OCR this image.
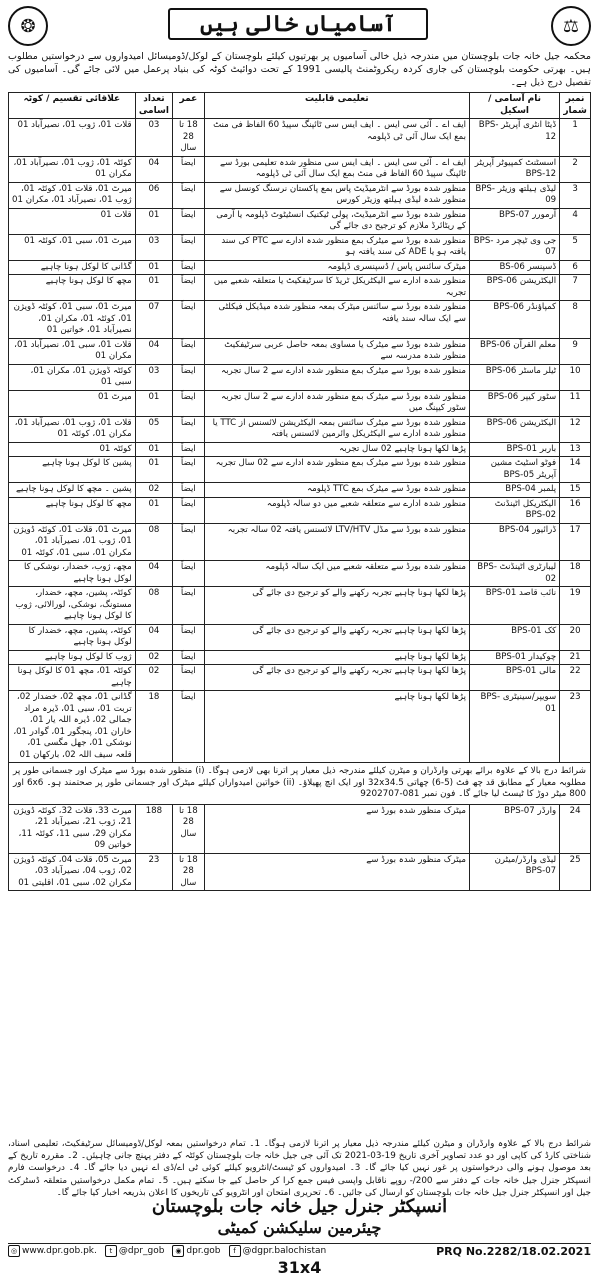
❂	آسامیاں خالی ہیں	⚖
محکمہ جیل خانہ جات بلوچستان میں مندرجہ ذیل خالی آسامیوں پر بھرتیوں کیلئے بلوچستان کے لوکل/ڈومیسائل امیدواروں سے درخواستیں مطلوب ہیں۔ بھرتی حکومت بلوچستان کی جاری کردہ ریکروٹمنٹ پالیسی 1991 کے تحت دوائیٹ کوٹہ کی بنیاد پرعمل میں لائی جائے گی۔ آسامیوں کی تفصیل درج ذیل ہے۔
نمبر شمار	نام آسامی / اسکیل	تعلیمی قابلیت	عمر	تعداد اسامی	علاقائی تقسیم / کوٹہ
1	ڈیٹا انٹری آپریٹر BPS-12	ایف اے ۔ آئی سی ایس ۔ ایف ایس سی ٹائپنگ سپیڈ 60 الفاظ فی منٹ بمع ایک سال آئی ٹی ڈپلومہ	18 تا 28 سال	03	قلات 01، ژوب 01، نصیرآباد 01
2	اسسٹنٹ کمپیوٹر آپریٹر BPS-12	ایف اے ۔ آئی سی ایس ۔ ایف ایس سی منظور شدہ تعلیمی بورڈ سے ٹائپنگ سپیڈ 60 الفاظ فی منٹ بمع ایک سال آئی ٹی ڈپلومہ	ایضاً	04	کوئٹہ 01، ژوب 01، نصیرآباد 01، مکران 01
3	لیڈی ہیلتھ وزیٹر BPS-09	منظور شدہ بورڈ سے انٹرمیڈیٹ پاس بمع پاکستان نرسنگ کونسل سے منظور شدہ لیڈی ہیلتھ وزیٹر کورس	ایضاً	06	میرٹ 01، قلات 01، کوئٹہ 01، ژوب 01، نصیرآباد 01، مکران 01
4	آرمورر BPS-07	منظور شدہ بورڈ سے انٹرمیڈیٹ، پولی ٹیکنیک انسٹیٹوٹ ڈپلومہ یا آرمی کے ریٹائرڈ ملازم کو ترجیح دی جائے گی	ایضاً	01	قلات 01
5	جی وی ٹیچر مرد BPS-07	منظور شدہ بورڈ سے میٹرک بمع منظور شدہ ادارے سے PTC کی سند یافتہ ہو یا ADE کی سند یافتہ ہو	ایضاً	03	میرٹ 01، سبی 01، کوئٹہ 01
6	ڈسپنسر BS-06	میٹرک سائنس پاس / ڈسپنسری ڈپلومہ	ایضاً	01	گڈانی کا لوکل ہونا چاہیے
7	الیکٹریشن BPS-06	منظور شدہ ادارے سے الیکٹریکل ٹریڈ کا سرٹیفکیٹ یا متعلقہ شعبے میں تجربہ	ایضاً	01	مچھ کا لوکل ہونا چاہیے
8	کمپاؤنڈر BPS-06	منظور شدہ بورڈ سے سائنس میٹرک بمعہ منظور شدہ میڈیکل فیکلٹی سے ایک سالہ سند یافتہ	ایضاً	07	میرٹ 01، سبی 01، کوئٹہ ڈویژن 01، کوئٹہ 01، مکران 01، نصیرآباد 01، خواتین 01
9	معلم القرآن BPS-06	منظور شدہ بورڈ سے میٹرک یا مساوی بمعہ حاصل عربی سرٹیفکیٹ منظور شدہ مدرسہ سے	ایضاً	04	قلات 01، سبی 01، نصیرآباد 01، مکران 01
10	ٹیلر ماسٹر BPS-06	منظور شدہ بورڈ سے میٹرک بمع منظور شدہ ادارے سے 2 سال تجربہ	ایضاً	03	کوئٹہ ڈویژن 01، مکران 01، سبی 01
11	سٹور کیپر BPS-06	منظور شدہ بورڈ سے میٹرک بمع منظور شدہ ادارے سے 2 سال تجربہ سٹور کیپنگ میں	ایضاً	01	میرٹ 01
12	الیکٹریشن BPS-06	منظور شدہ بورڈ سے میٹرک سائنس بمعہ الیکٹریشن لائسنس از TTC یا منظور شدہ ادارے سے الیکٹریکل وائرمین لائسنس یافتہ	ایضاً	05	قلات 01، ژوب 01، نصیرآباد 01، مکران 01، کوئٹہ 01
13	باربر BPS-01	پڑھا لکھا ہونا چاہیے 02 سال تجربہ	ایضاً	01	کوئٹہ 01
14	فوٹو اسٹیٹ مشین آپریٹر BPS-05	منظور شدہ بورڈ سے میٹرک بمع منظور شدہ ادارے سے 02 سال تجربہ	ایضاً	01	پشین کا لوکل ہونا چاہیے
15	پلمبر BPS-04	منظور شدہ بورڈ سے میٹرک بمع TTC ڈپلومہ	ایضاً	02	پشین ۔ مچھ کا لوکل ہونا چاہیے
16	الیکٹریکل اٹینڈنٹ BPS-02	منظور شدہ ادارے سے متعلقہ شعبے میں دو سالہ ڈپلومہ	ایضاً	01	مچھ کا لوکل ہونا چاہیے
17	ڈرائیور BPS-04	منظور شدہ بورڈ سے مڈل LTV/HTV لائسنس یافتہ 02 سالہ تجربہ	ایضاً	08	میرٹ 01، قلات 01، کوئٹہ ڈویژن 01، ژوب 01، نصیرآباد 01، مکران 01، سبی 01، کوئٹہ 01
18	لیبارٹری اٹینڈنٹ BPS-02	منظور شدہ بورڈ سے متعلقہ شعبے میں ایک سالہ ڈپلومہ	ایضاً	04	مچھ، ژوب، خضدار، نوشکی کا لوکل ہونا چاہیے
19	نائب قاصد BPS-01	پڑھا لکھا ہونا چاہیے تجربہ رکھنے والے کو ترجیح دی جائے گی	ایضاً	08	کوئٹہ، پشین، مچھ، خضدار، مستونگ، نوشکی، لورالائی، ژوب کا لوکل ہونا چاہیے
20	کک BPS-01	پڑھا لکھا ہونا چاہیے تجربہ رکھنے والے کو ترجیح دی جائے گی	ایضاً	04	کوئٹہ، پشین، مچھ، خضدار کا لوکل ہونا چاہیے
21	چوکیدار BPS-01	پڑھا لکھا ہونا چاہیے	ایضاً	02	ژوب کا لوکل ہونا چاہیے
22	مالی BPS-01	پڑھا لکھا ہونا چاہیے تجربہ رکھنے والے کو ترجیح دی جائے گی	ایضاً	02	کوئٹہ 01، مچھ 01 کا لوکل ہونا چاہیے
23	سویپر/سینیٹری BPS-01	پڑھا لکھا ہونا چاہیے	ایضاً	18	گڈانی 01، مچھ 02، خضدار 02، تربت 01، سبی 01، ڈیرہ مراد جمالی 02، ڈیرہ اللہ یار 01، خاران 01، پنجگور 01، گوادر 01، نوشکی 01، جھل مگسی 01، قلعہ سیف اللہ 02، بارکھان 01
شرائط درج بالا کے علاوہ برائے بھرتی وارڈران و میٹرن کیلئے مندرجہ ذیل معیار پر اترنا بھی لازمی ہوگا۔ (i) منظور شدہ بورڈ سے میٹرک اور جسمانی طور پر مطلوبہ معیار کے مطابق قد چھ فٹ (5-6) چھاتی 32x34.5 اور ایک انچ پھیلاؤ۔ (ii) خواتین امیدواران کیلئے میٹرک اور جسمانی طور پر صحتمند ہو۔ 6x6 اور 800 میٹر دوڑ کا ٹیسٹ لیا جائے گا۔ فون نمبر 081-9202707					
24	وارڈر BPS-07	میٹرک منظور شدہ بورڈ سے	18 تا 28 سال	188	میرٹ 33، قلات 32، کوئٹہ ڈویژن 21، ژوب 21، نصیرآباد 21، مکران 29، سبی 11، کوئٹہ 11، خواتین 09
25	لیڈی وارڈر/میٹرن BPS-07	میٹرک منظور شدہ بورڈ سے	18 تا 28 سال	23	میرٹ 05، قلات 04، کوئٹہ ڈویژن 02، ژوب 04، نصیرآباد 03، مکران 02، سبی 01، اقلیتی 01
شرائط درج بالا کے علاوہ وارڈران و میٹرن کیلئے مندرجہ ذیل معیار پر اترنا لازمی ہوگا۔ 1۔ تمام درخواستیں بمعہ لوکل/ڈومیسائل سرٹیفکیٹ، تعلیمی اسناد، شناختی کارڈ کی کاپی اور دو عدد تصاویر آخری تاریخ 19-03-2021 تک آئی جی جیل خانہ جات بلوچستان کوئٹہ کے دفتر پہنچ جانی چاہیئں۔ 2۔ مقررہ تاریخ کے بعد موصول ہونے والی درخواستوں پر غور نہیں کیا جائے گا۔ 3۔ امیدواروں کو ٹیسٹ/انٹرویو کیلئے کوئی ٹی اے/ڈی اے نہیں دیا جائے گا۔ 4۔ درخواست فارم انسپکٹر جنرل جیل خانہ جات کے دفتر سے 200/- روپے ناقابل واپسی فیس جمع کرا کر حاصل کیے جا سکتے ہیں۔ 5۔ تمام مکمل درخواستیں متعلقہ ڈسٹرکٹ جیل اور انسپکٹر جنرل جیل خانہ جات بلوچستان کو ارسال کی جائیں۔ 6۔ تحریری امتحان اور انٹرویو کی تاریخوں کا اعلان بذریعہ اخبار کیا جائے گا۔
انسپکٹر جنرل جیل خانہ جات بلوچستان
چیئرمین سلیکشن کمیٹی
◎ www.dpr.gob.pk.	t @dpr_gob	◉ dpr.gob	f @dgpr.balochistan	PRQ No.2282/18.02.2021
31x4
